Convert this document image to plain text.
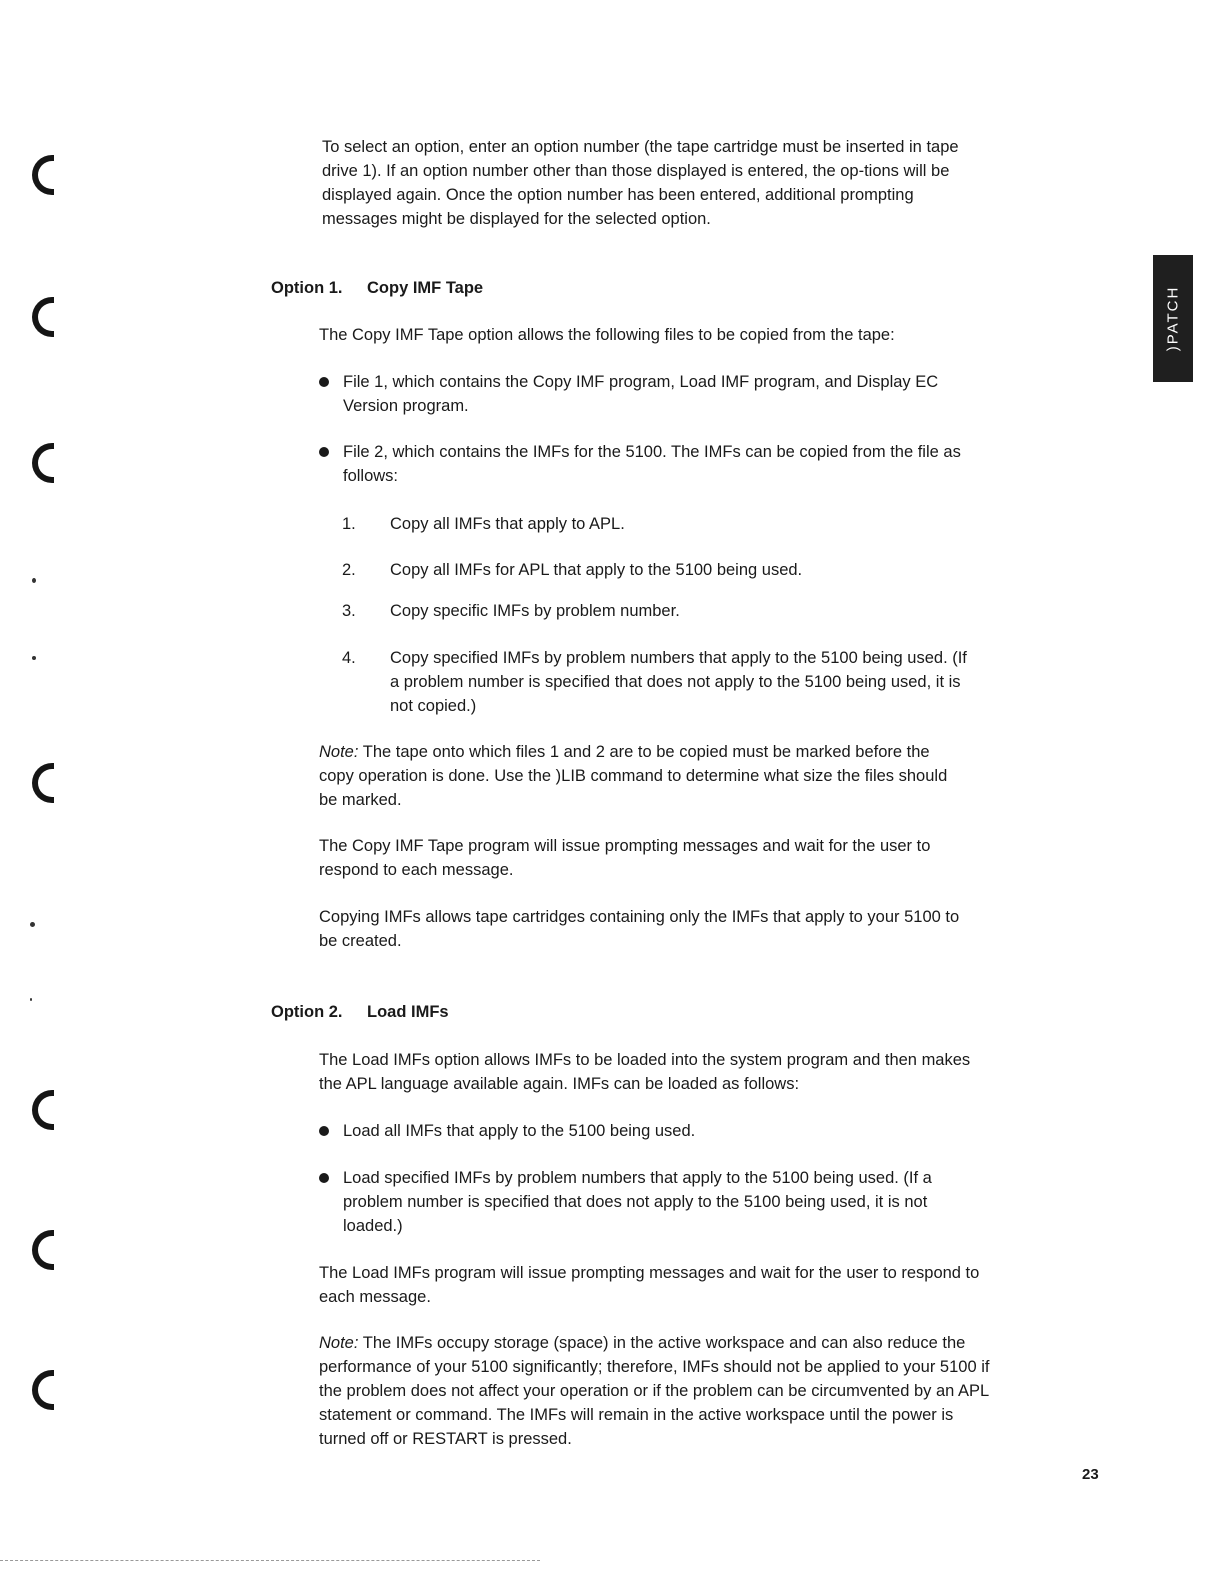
To select an option, enter an option number (the tape cartridge must be inserted in tape drive 1). If an option number other than those displayed is entered, the op-tions will be displayed again. Once the option number has been entered, additional prompting messages might be displayed for the selected option.

Option 1. Copy IMF Tape

The Copy IMF Tape option allows the following files to be copied from the tape:

File 1, which contains the Copy IMF program, Load IMF program, and Display EC Version program.
File 2, which contains the IMFs for the 5100. The IMFs can be copied from the file as follows:
1. Copy all IMFs that apply to APL.
2. Copy all IMFs for APL that apply to the 5100 being used.
3. Copy specific IMFs by problem number.
4. Copy specified IMFs by problem numbers that apply to the 5100 being used. (If a problem number is specified that does not apply to the 5100 being used, it is not copied.)

Note: The tape onto which files 1 and 2 are to be copied must be marked before the copy operation is done. Use the )LIB command to determine what size the files should be marked.

The Copy IMF Tape program will issue prompting messages and wait for the user to respond to each message.

Copying IMFs allows tape cartridges containing only the IMFs that apply to your 5100 to be created.

Option 2. Load IMFs

The Load IMFs option allows IMFs to be loaded into the system program and then makes the APL language available again. IMFs can be loaded as follows:

Load all IMFs that apply to the 5100 being used.
Load specified IMFs by problem numbers that apply to the 5100 being used. (If a problem number is specified that does not apply to the 5100 being used, it is not loaded.)

The Load IMFs program will issue prompting messages and wait for the user to respond to each message.

Note: The IMFs occupy storage (space) in the active workspace and can also reduce the performance of your 5100 significantly; therefore, IMFs should not be applied to your 5100 if the problem does not affect your operation or if the problem can be circumvented by an APL statement or command. The IMFs will remain in the active workspace until the power is turned off or RESTART is pressed.

)PATCH
23
